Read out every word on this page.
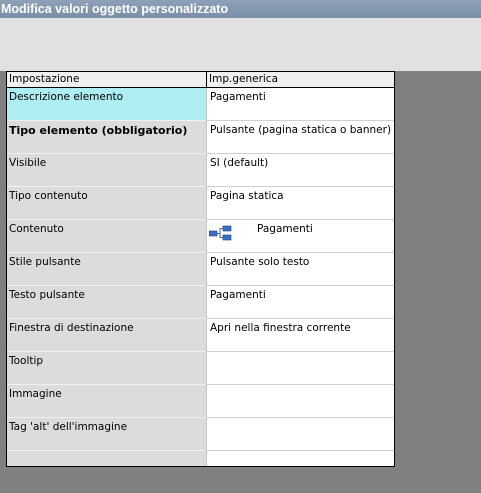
Modifica valori oggetto personalizzato
Impostazione	Imp.generica
Descrizione elemento	Pagamenti
Tipo elemento (obbligatorio)	Pulsante (pagina statica o banner)
Visibile	SI (default)
Tipo contenuto	Pagina statica
Contenuto	Pagamenti
Stile pulsante	Pulsante solo testo
Testo pulsante	Pagamenti
Finestra di destinazione	Apri nella finestra corrente
Tooltip
Immagine
Tag 'alt' dell'immagine
